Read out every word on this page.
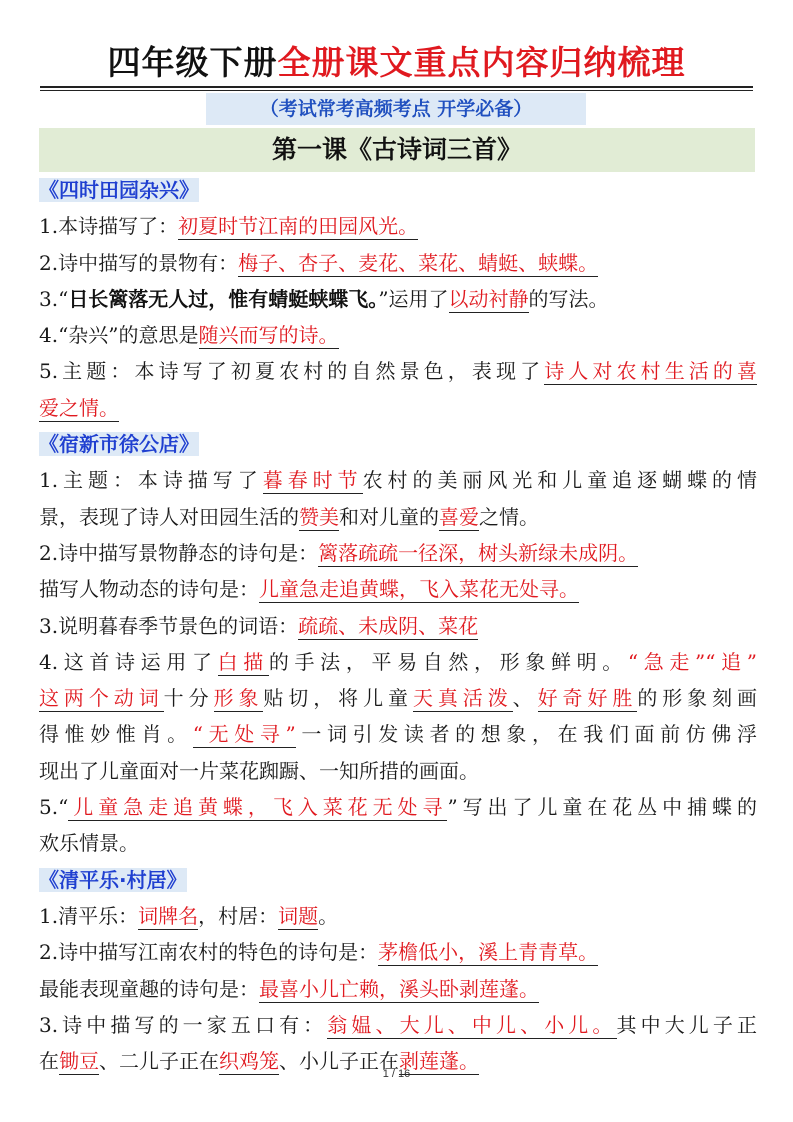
四年级下册全册课文重点内容归纳梳理
（考试常考高频考点 开学必备）
第一课《古诗词三首》
《四时田园杂兴》
1.本诗描写了：初夏时节江南的田园风光。
2.诗中描写的景物有：梅子、杏子、麦花、菜花、蜻蜓、蛱蝶。
3.“日长篱落无人过，惟有蜻蜓蛱蝶飞。”运用了以动衬静的写法。
4.“杂兴”的意思是随兴而写的诗。
5.主题：本诗写了初夏农村的自然景色，表现了诗人对农村生活的喜
爱之情。
《宿新市徐公店》
1.主题：本诗描写了暮春时节农村的美丽风光和儿童追逐蝴蝶的情
景，表现了诗人对田园生活的赞美和对儿童的喜爱之情。
2.诗中描写景物静态的诗句是：篱落疏疏一径深，树头新绿未成阴。
描写人物动态的诗句是：儿童急走追黄蝶，飞入菜花无处寻。
3.说明暮春季节景色的词语：疏疏、未成阴、菜花
4.这首诗运用了白描的手法，平易自然，形象鲜明。“急走”“追”
这两个动词十分形象贴切，将儿童天真活泼、好奇好胜的形象刻画
得惟妙惟肖。“无处寻”一词引发读者的想象，在我们面前仿佛浮
现出了儿童面对一片菜花踟蹰、一知所措的画面。
5.“儿童急走追黄蝶，飞入菜花无处寻”写出了儿童在花丛中捕蝶的
欢乐情景。
《清平乐·村居》
1.清平乐：词牌名，村居：词题。
2.诗中描写江南农村的特色的诗句是：茅檐低小，溪上青青草。
最能表现童趣的诗句是：最喜小儿亡赖，溪头卧剥莲蓬。
3.诗中描写的一家五口有：翁媪、大儿、中儿、小儿。其中大儿子正
在锄豆、二儿子正在织鸡笼、小儿子正在剥莲蓬。
1 / 16
